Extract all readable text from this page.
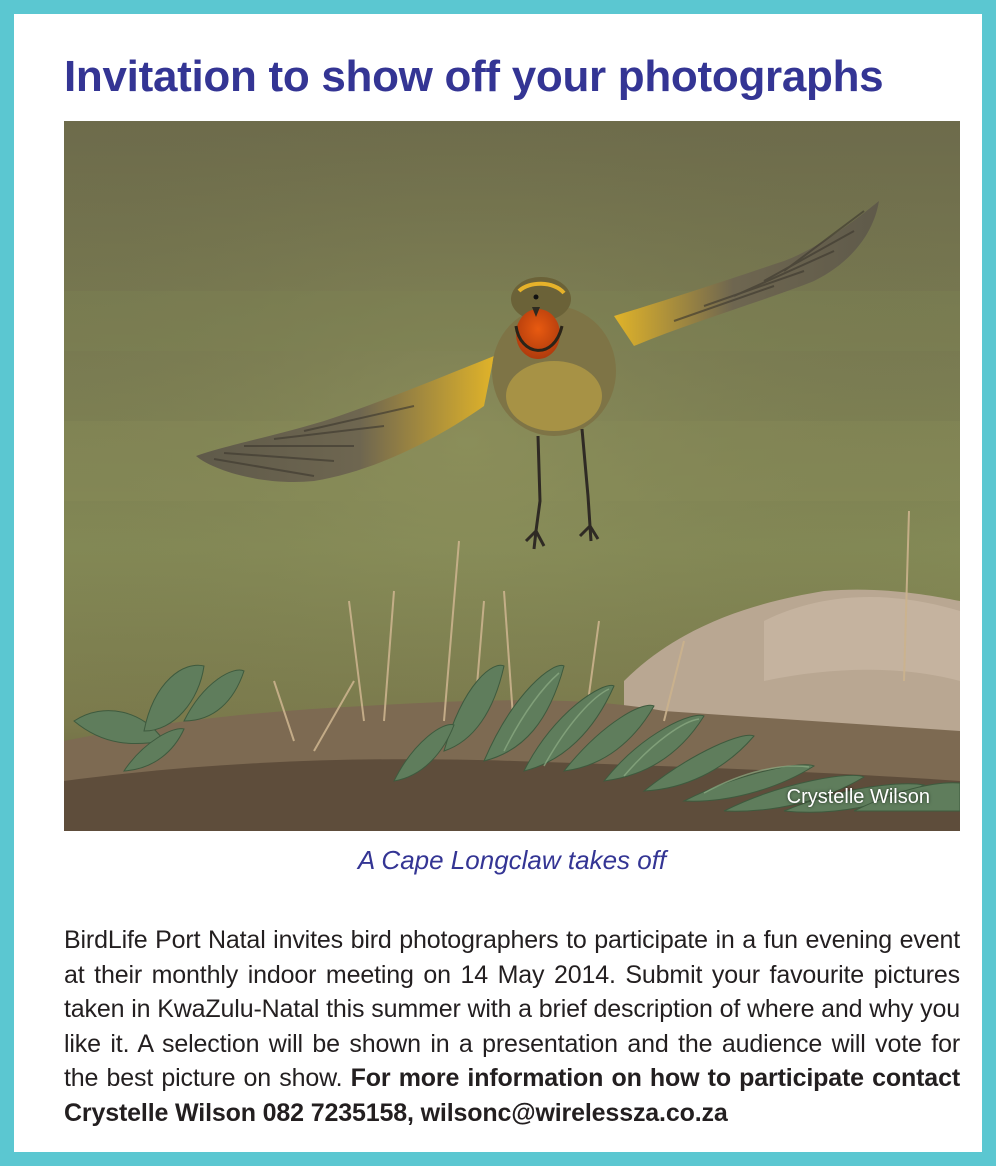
Invitation to show off your photographs
Crystelle Wilson
A Cape Longclaw takes off

BirdLife Port Natal invites bird photographers to participate in a fun evening event at their monthly indoor meeting on 14 May 2014. Submit your favourite pictures taken in KwaZulu-Natal this summer with a brief description of where and why you like it. A selection will be shown in a presentation and the audience will vote for the best picture on show. For more information on how to participate contact Crystelle Wilson 082 7235158, wilsonc@wirelessza.co.za
